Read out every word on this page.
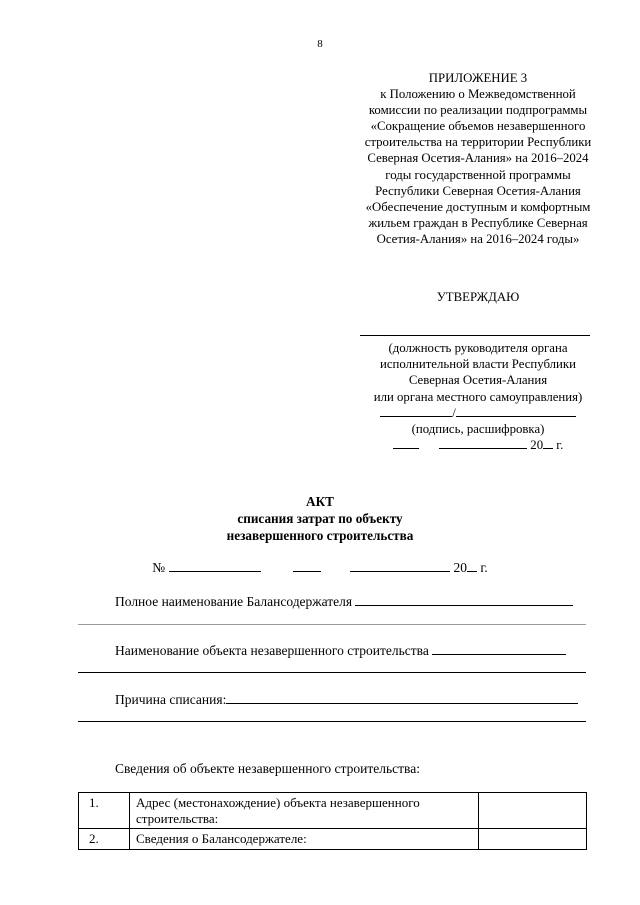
8
ПРИЛОЖЕНИЕ 3
к Положению о Межведомственной
комиссии по реализации подпрограммы
«Сокращение объемов незавершенного
строительства на территории Республики
Северная Осетия-Алания» на 2016–2024
годы государственной программы
Республики Северная Осетия-Алания
«Обеспечение доступным и комфортным
жильем граждан в Республике Северная
Осетия-Алания» на 2016–2024 годы»
УТВЕРЖДАЮ
(должность руководителя органа
исполнительной власти Республики
Северная Осетия-Алания
или органа местного самоуправления)
/
(подпись, расшифровка)
20 г.
АКТ
списания затрат по объекту
незавершенного строительства
№	20 г.
Полное наименование Балансодержателя
Наименование объекта незавершенного строительства
Причина списания:
Сведения об объекте незавершенного строительства:
1.	Адрес (местонахождение) объекта незавершенного строительства:	
2.	Сведения о Балансодержателе:	
